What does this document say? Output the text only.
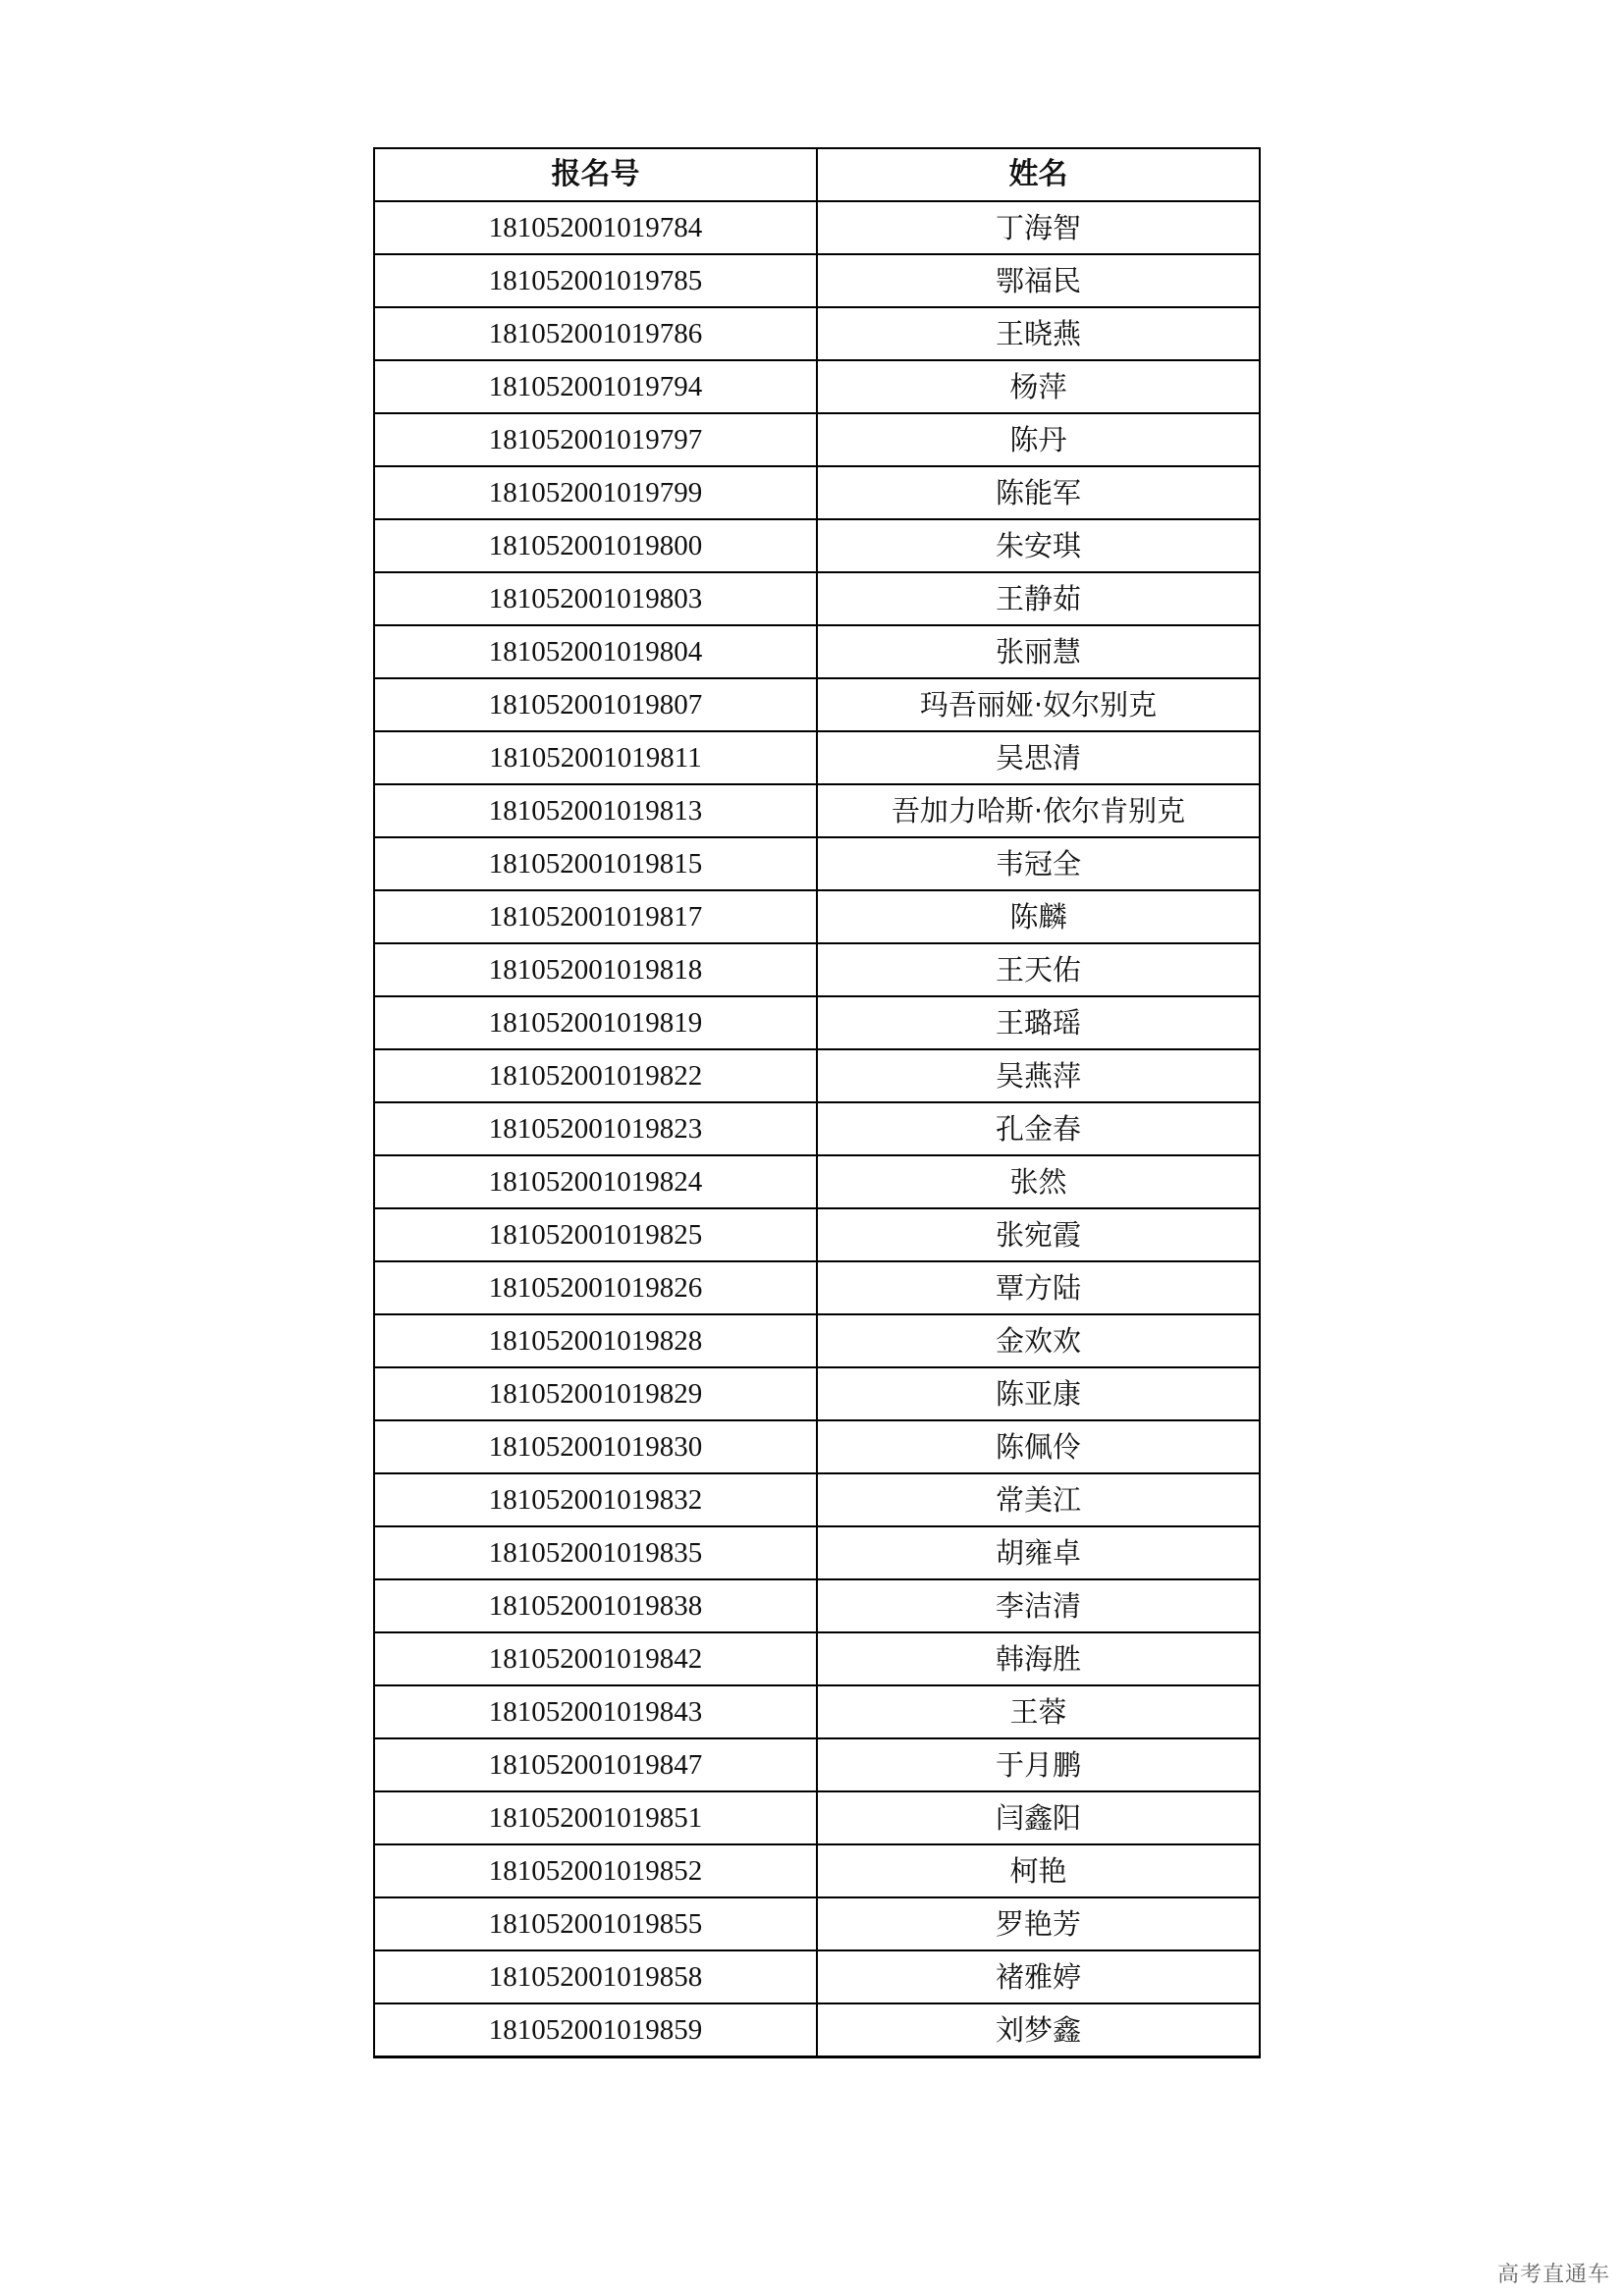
报名号	姓名
181052001019784	丁海智
181052001019785	鄂福民
181052001019786	王晓燕
181052001019794	杨萍
181052001019797	陈丹
181052001019799	陈能军
181052001019800	朱安琪
181052001019803	王静茹
181052001019804	张丽慧
181052001019807	玛吾丽娅·奴尔别克
181052001019811	吴思清
181052001019813	吾加力哈斯·依尔肯别克
181052001019815	韦冠全
181052001019817	陈麟
181052001019818	王天佑
181052001019819	王璐瑶
181052001019822	吴燕萍
181052001019823	孔金春
181052001019824	张然
181052001019825	张宛霞
181052001019826	覃方陆
181052001019828	金欢欢
181052001019829	陈亚康
181052001019830	陈佩伶
181052001019832	常美江
181052001019835	胡雍卓
181052001019838	李洁清
181052001019842	韩海胜
181052001019843	王蓉
181052001019847	于月鹏
181052001019851	闫鑫阳
181052001019852	柯艳
181052001019855	罗艳芳
181052001019858	褚雅婷
181052001019859	刘梦鑫
高考直通车
